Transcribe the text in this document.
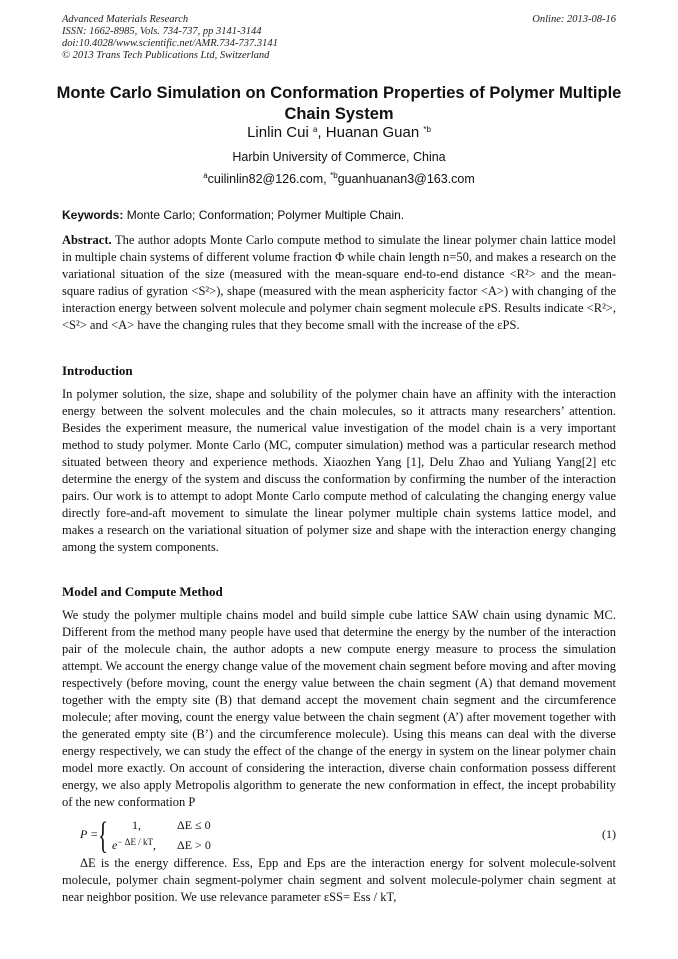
Advanced Materials Research
ISSN: 1662-8985, Vols. 734-737, pp 3141-3144
doi:10.4028/www.scientific.net/AMR.734-737.3141
© 2013 Trans Tech Publications Ltd, Switzerland
Online: 2013-08-16
Monte Carlo Simulation on Conformation Properties of Polymer Multiple Chain System
Linlin Cui $^a$, Huanan Guan $^{*b}$
Harbin University of Commerce, China
$^a$cuilinlin82@126.com, $^{*b}$guanhuanan3@163.com
Keywords: Monte Carlo; Conformation; Polymer Multiple Chain.
Abstract. The author adopts Monte Carlo compute method to simulate the linear polymer chain lattice model in multiple chain systems of different volume fraction Φ while chain length n=50, and makes a research on the variational situation of the size (measured with the mean-square end-to-end distance <R²> and the mean-square radius of gyration <S²>), shape (measured with the mean asphericity factor <A>) with changing of the interaction energy between solvent molecule and polymer chain segment molecule εPS. Results indicate <R²>, <S²> and <A> have the changing rules that they become small with the increase of the εPS.
Introduction
In polymer solution, the size, shape and solubility of the polymer chain have an affinity with the interaction energy between the solvent molecules and the chain molecules, so it attracts many researchers’ attention. Besides the experiment measure, the numerical value investigation of the model chain is a very important method to study polymer. Monte Carlo (MC, computer simulation) method was a particular research method situated between theory and experience methods. Xiaozhen Yang [1], Delu Zhao and Yuliang Yang[2] etc determine the energy of the system and discuss the conformation by confirming the number of the interaction pairs. Our work is to attempt to adopt Monte Carlo compute method of calculating the changing energy value directly fore-and-aft movement to simulate the linear polymer multiple chain systems lattice model, and makes a research on the variational situation of polymer size and shape with the interaction energy changing among the system components.
Model and Compute Method
We study the polymer multiple chains model and build simple cube lattice SAW chain using dynamic MC. Different from the method many people have used that determine the energy by the number of the interaction pair of the molecule chain, the author adopts a new compute energy measure to process the simulation attempt. We account the energy change value of the movement chain segment before moving and after moving respectively (before moving, count the energy value between the chain segment (A) that demand movement together with the empty site (B) that demand accept the movement chain segment and the circumference molecule; after moving, count the energy value between the chain segment (A’) after movement together with the generated empty site (B’) and the circumference molecule). Using this means can deal with the diverse energy respectively, we can study the effect of the change of the energy in system on the linear polymer chain model more exactly. On account of considering the interaction, diverse chain conformation possess different energy, we also apply Metropolis algorithm to generate the new conformation in effect, the incept probability of the new conformation P
P = { 1,	ΔE ≤ 0
$e^{- \Delta E / kT}$, ΔE > 0
(1)
ΔE is the energy difference. Ess, Epp and Eps are the interaction energy for solvent molecule-solvent molecule, polymer chain segment-polymer chain segment and solvent molecule-polymer chain segment at near neighbor position. We use relevance parameter εSS= Ess / kT,
